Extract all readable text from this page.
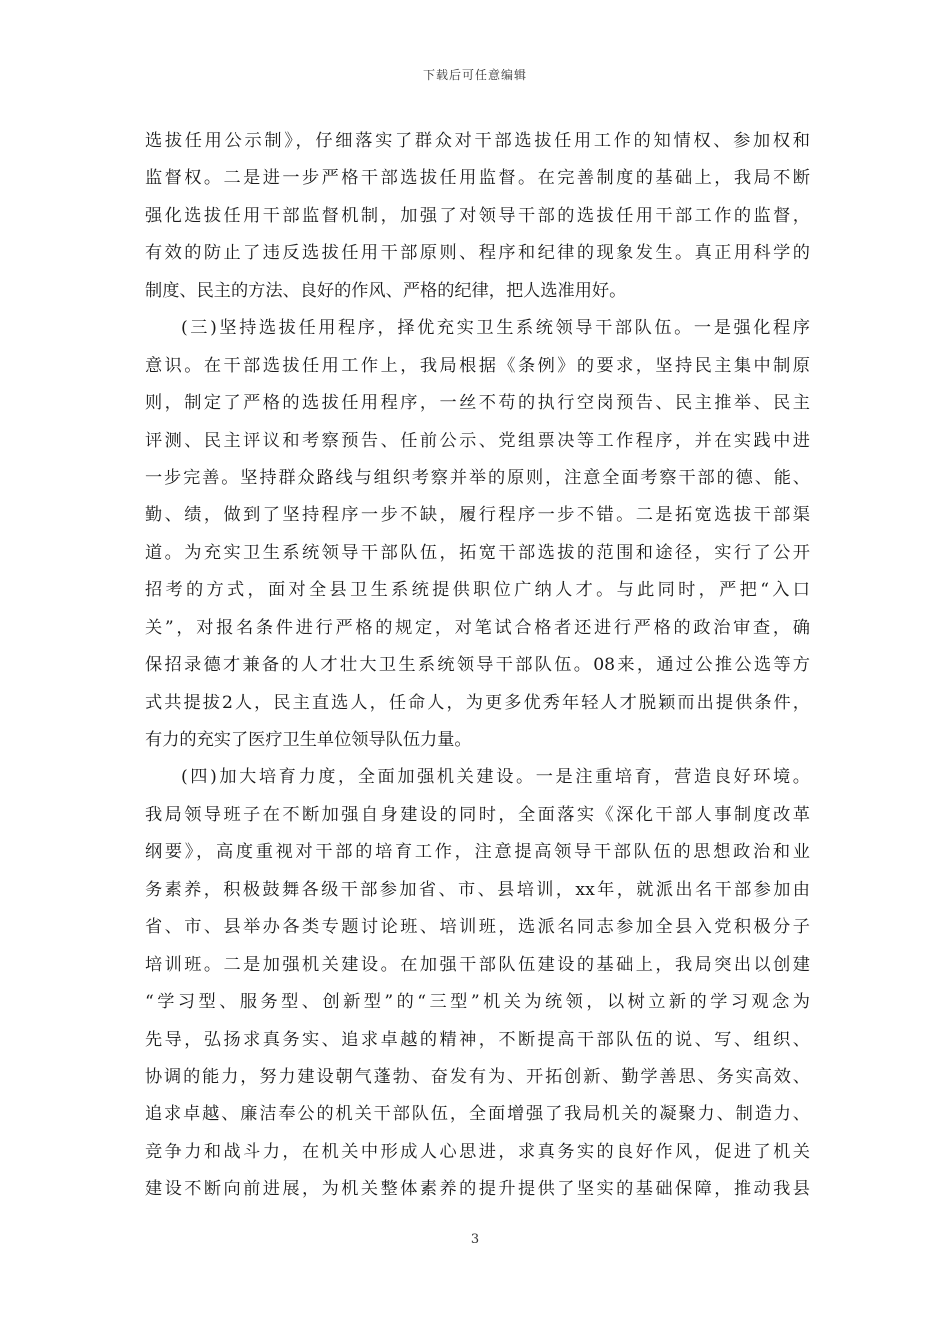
下载后可任意编辑
选拔任用公示制》，仔细落实了群众对干部选拔任用工作的知情权、参加权和
监督权。二是进一步严格干部选拔任用监督。在完善制度的基础上，我局不断
强化选拔任用干部监督机制，加强了对领导干部的选拔任用干部工作的监督，
有效的防止了违反选拔任用干部原则、程序和纪律的现象发生。真正用科学的
制度、民主的方法、良好的作风、严格的纪律，把人选准用好。
(三)坚持选拔任用程序，择优充实卫生系统领导干部队伍。一是强化程序
意识。在干部选拔任用工作上，我局根据《条例》的要求，坚持民主集中制原
则，制定了严格的选拔任用程序，一丝不苟的执行空岗预告、民主推举、民主
评测、民主评议和考察预告、任前公示、党组票决等工作程序，并在实践中进
一步完善。坚持群众路线与组织考察并举的原则，注意全面考察干部的德、能、
勤、绩，做到了坚持程序一步不缺，履行程序一步不错。二是拓宽选拔干部渠
道。为充实卫生系统领导干部队伍，拓宽干部选拔的范围和途径，实行了公开
招考的方式，面对全县卫生系统提供职位广纳人才。与此同时，严把“入口
关”，对报名条件进行严格的规定，对笔试合格者还进行严格的政治审查，确
保招录德才兼备的人才壮大卫生系统领导干部队伍。08来，通过公推公选等方
式共提拔2人，民主直选人，任命人，为更多优秀年轻人才脱颖而出提供条件，
有力的充实了医疗卫生单位领导队伍力量。
(四)加大培育力度，全面加强机关建设。一是注重培育，营造良好环境。
我局领导班子在不断加强自身建设的同时，全面落实《深化干部人事制度改革
纲要》，高度重视对干部的培育工作，注意提高领导干部队伍的思想政治和业
务素养，积极鼓舞各级干部参加省、市、县培训，xx年，就派出名干部参加由
省、市、县举办各类专题讨论班、培训班，选派名同志参加全县入党积极分子
培训班。二是加强机关建设。在加强干部队伍建设的基础上，我局突出以创建
“学习型、服务型、创新型”的“三型”机关为统领，以树立新的学习观念为
先导，弘扬求真务实、追求卓越的精神，不断提高干部队伍的说、写、组织、
协调的能力，努力建设朝气蓬勃、奋发有为、开拓创新、勤学善思、务实高效、
追求卓越、廉洁奉公的机关干部队伍，全面增强了我局机关的凝聚力、制造力、
竞争力和战斗力，在机关中形成人心思进，求真务实的良好作风，促进了机关
建设不断向前进展，为机关整体素养的提升提供了坚实的基础保障，推动我县
3
